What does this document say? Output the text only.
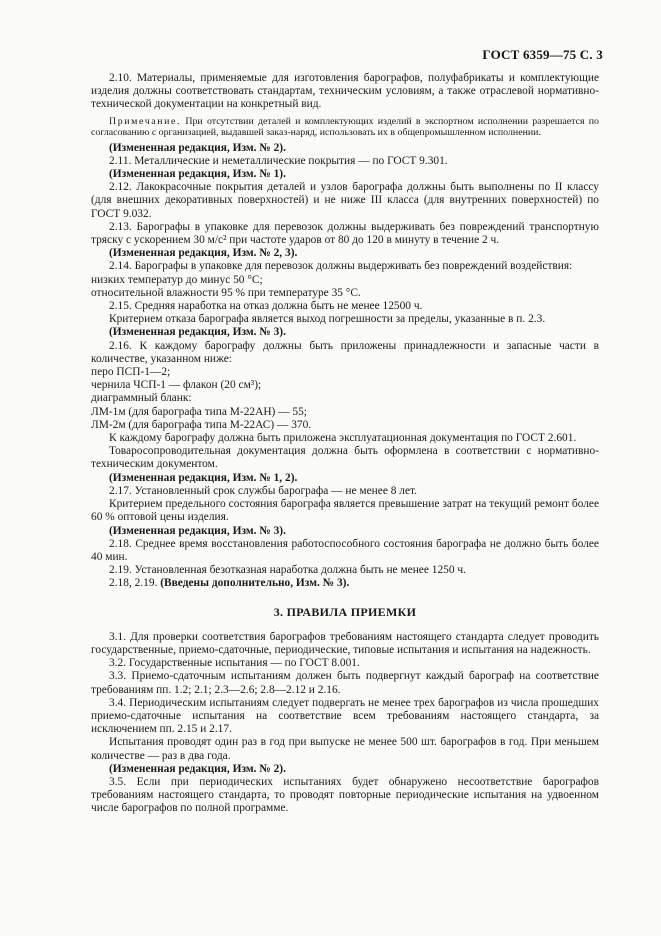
ГОСТ 6359—75 С. 3

2.10. Материалы, применяемые для изготовления барографов, полуфабрикаты и комплектующие изделия должны соответствовать стандартам, техническим условиям, а также отраслевой нормативно-технической документации на конкретный вид.

Примечание. При отсутствии деталей и комплектующих изделий в экспортном исполнении разрешается по согласованию с организацией, выдавшей заказ-наряд, использовать их в общепромышленном исполнении.

(Измененная редакция, Изм. № 2).

2.11. Металлические и неметаллические покрытия — по ГОСТ 9.301.

(Измененная редакция, Изм. № 1).

2.12. Лакокрасочные покрытия деталей и узлов барографа должны быть выполнены по II классу (для внешних декоративных поверхностей) и не ниже III класса (для внутренних поверхностей) по ГОСТ 9.032.

2.13. Барографы в упаковке для перевозок должны выдерживать без повреждений транспортную тряску с ускорением 30 м/с² при частоте ударов от 80 до 120 в минуту в течение 2 ч.

(Измененная редакция, Изм. № 2, 3).

2.14. Барографы в упаковке для перевозок должны выдерживать без повреждений воздействия:

низких температур до минус 50 °С;

относительной влажности 95 % при температуре 35 °С.

2.15. Средняя наработка на отказ должна быть не менее 12500 ч.

Критерием отказа барографа является выход погрешности за пределы, указанные в п. 2.3.

(Измененная редакция, Изм. № 3).

2.16. К каждому барографу должны быть приложены принадлежности и запасные части в количестве, указанном ниже:

перо ПСП-1—2;

чернила ЧСП-1 — флакон (20 см³);

диаграммный бланк:

ЛМ-1м (для барографа типа М-22АН) — 55;

ЛМ-2м (для барографа типа М-22АС) — 370.

К каждому барографу должна быть приложена эксплуатационная документация по ГОСТ 2.601.

Товаросопроводительная документация должна быть оформлена в соответствии с нормативно-техническим документом.

(Измененная редакция, Изм. № 1, 2).

2.17. Установленный срок службы барографа — не менее 8 лет.

Критерием предельного состояния барографа является превышение затрат на текущий ремонт более 60 % оптовой цены изделия.

(Измененная редакция, Изм. № 3).

2.18. Среднее время восстановления работоспособного состояния барографа не должно быть более 40 мин.

2.19. Установленная безотказная наработка должна быть не менее 1250 ч.

2.18, 2.19. (Введены дополнительно, Изм. № 3).

3. ПРАВИЛА ПРИЕМКИ

3.1. Для проверки соответствия барографов требованиям настоящего стандарта следует проводить государственные, приемо-сдаточные, периодические, типовые испытания и испытания на надежность.

3.2. Государственные испытания — по ГОСТ 8.001.

3.3. Приемо-сдаточным испытаниям должен быть подвергнут каждый барограф на соответствие требованиям пп. 1.2; 2.1; 2.3—2.6; 2.8—2.12 и 2.16.

3.4. Периодическим испытаниям следует подвергать не менее трех барографов из числа прошедших приемо-сдаточные испытания на соответствие всем требованиям настоящего стандарта, за исключением пп. 2.15 и 2.17.

Испытания проводят один раз в год при выпуске не менее 500 шт. барографов в год. При меньшем количестве — раз в два года.

(Измененная редакция, Изм. № 2).

3.5. Если при периодических испытаниях будет обнаружено несоответствие барографов требованиям настоящего стандарта, то проводят повторные периодические испытания на удвоенном числе барографов по полной программе.
